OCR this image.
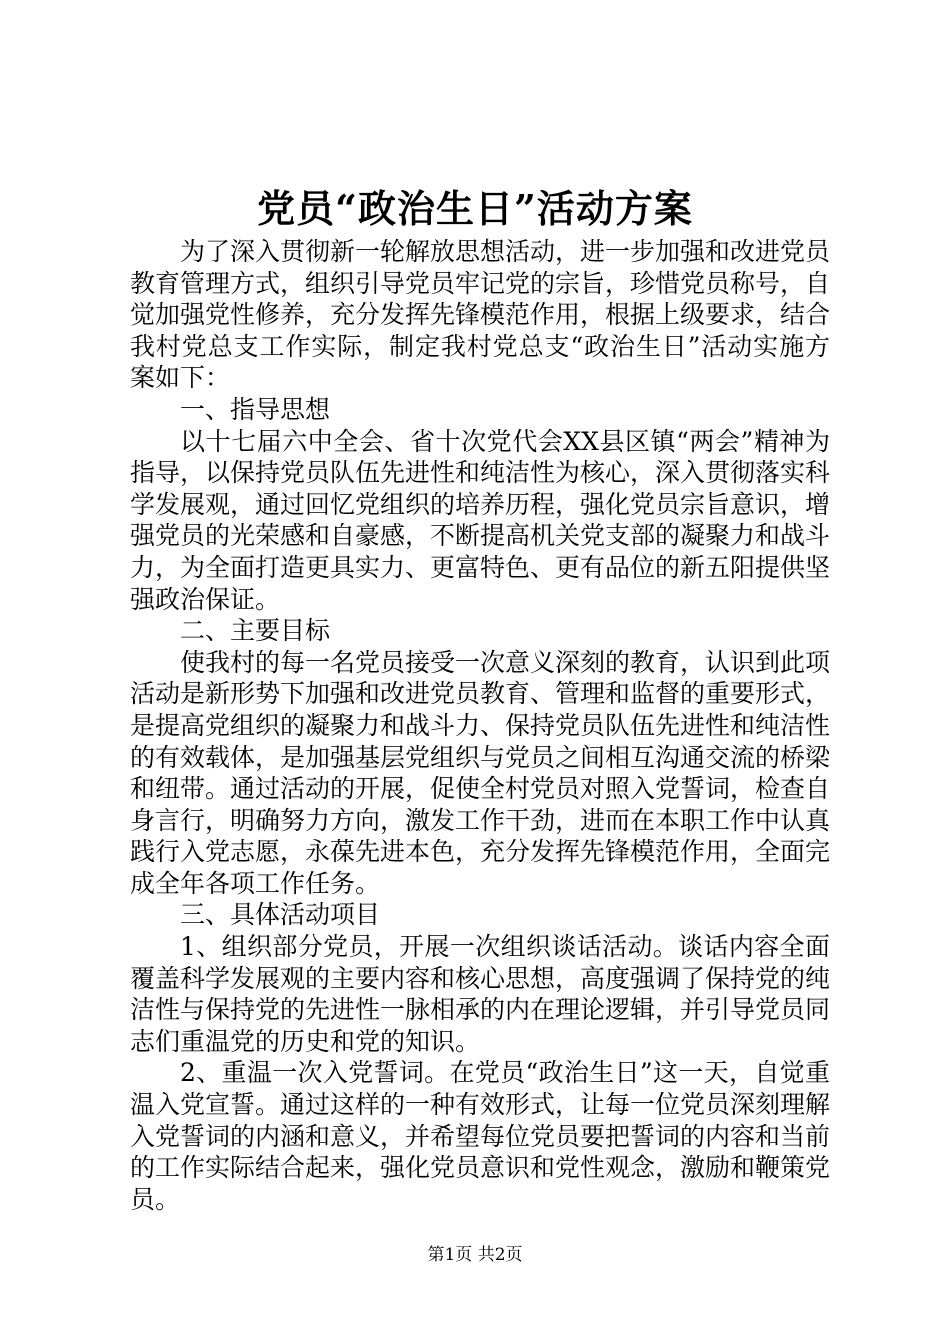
党员“政治生日”活动方案

为了深入贯彻新一轮解放思想活动，进一步加强和改进党员教育管理方式，组织引导党员牢记党的宗旨，珍惜党员称号，自觉加强党性修养，充分发挥先锋模范作用，根据上级要求，结合我村党总支工作实际，制定我村党总支“政治生日”活动实施方案如下：

一、指导思想

以十七届六中全会、省十次党代会XX县区镇“两会”精神为指导，以保持党员队伍先进性和纯洁性为核心，深入贯彻落实科学发展观，通过回忆党组织的培养历程，强化党员宗旨意识，增强党员的光荣感和自豪感，不断提高机关党支部的凝聚力和战斗力，为全面打造更具实力、更富特色、更有品位的新五阳提供坚强政治保证。

二、主要目标

使我村的每一名党员接受一次意义深刻的教育，认识到此项活动是新形势下加强和改进党员教育、管理和监督的重要形式，是提高党组织的凝聚力和战斗力、保持党员队伍先进性和纯洁性的有效载体，是加强基层党组织与党员之间相互沟通交流的桥梁和纽带。通过活动的开展，促使全村党员对照入党誓词，检查自身言行，明确努力方向，激发工作干劲，进而在本职工作中认真践行入党志愿，永葆先进本色，充分发挥先锋模范作用，全面完成全年各项工作任务。

三、具体活动项目

1、组织部分党员，开展一次组织谈话活动。谈话内容全面覆盖科学发展观的主要内容和核心思想，高度强调了保持党的纯洁性与保持党的先进性一脉相承的内在理论逻辑，并引导党员同志们重温党的历史和党的知识。

2、重温一次入党誓词。在党员“政治生日”这一天，自觉重温入党宣誓。通过这样的一种有效形式，让每一位党员深刻理解入党誓词的内涵和意义，并希望每位党员要把誓词的内容和当前的工作实际结合起来，强化党员意识和党性观念，激励和鞭策党员。

第1页 共2页
